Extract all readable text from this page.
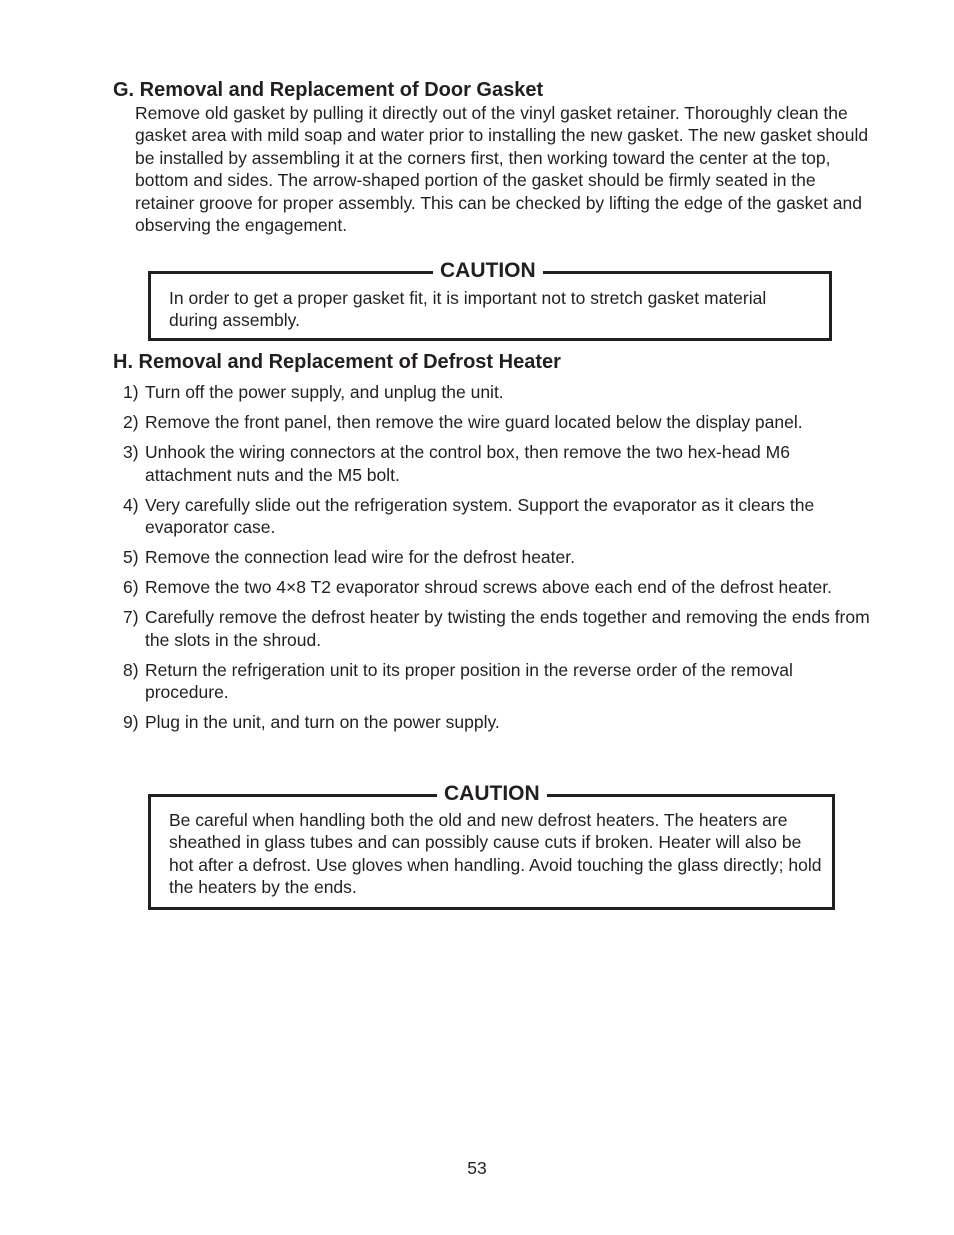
G. Removal and Replacement of Door Gasket

Remove old gasket by pulling it directly out of the vinyl gasket retainer. Thoroughly clean the gasket area with mild soap and water prior to installing the new gasket. The new gasket should be installed by assembling it at the corners first, then working toward the center at the top, bottom and sides. The arrow-shaped portion of the gasket should be firmly seated in the retainer groove for proper assembly. This can be checked by lifting the edge of the gasket and observing the engagement.

CAUTION

In order to get a proper gasket fit, it is important not to stretch gasket material during assembly.

H. Removal and Replacement of Defrost Heater
1) Turn off the power supply, and unplug the unit.
2) Remove the front panel, then remove the wire guard located below the display panel.
3) Unhook the wiring connectors at the control box, then remove the two hex-head M6 attachment nuts and the M5 bolt.
4) Very carefully slide out the refrigeration system. Support the evaporator as it clears the evaporator case.
5) Remove the connection lead wire for the defrost heater.
6) Remove the two 4×8 T2 evaporator shroud screws above each end of the defrost heater.
7) Carefully remove the defrost heater by twisting the ends together and removing the ends from the slots in the shroud.
8) Return the refrigeration unit to its proper position in the reverse order of the removal procedure.
9) Plug in the unit, and turn on the power supply.
CAUTION

Be careful when handling both the old and new defrost heaters. The heaters are sheathed in glass tubes and can possibly cause cuts if broken. Heater will also be hot after a defrost. Use gloves when handling. Avoid touching the glass directly; hold the heaters by the ends.

53
